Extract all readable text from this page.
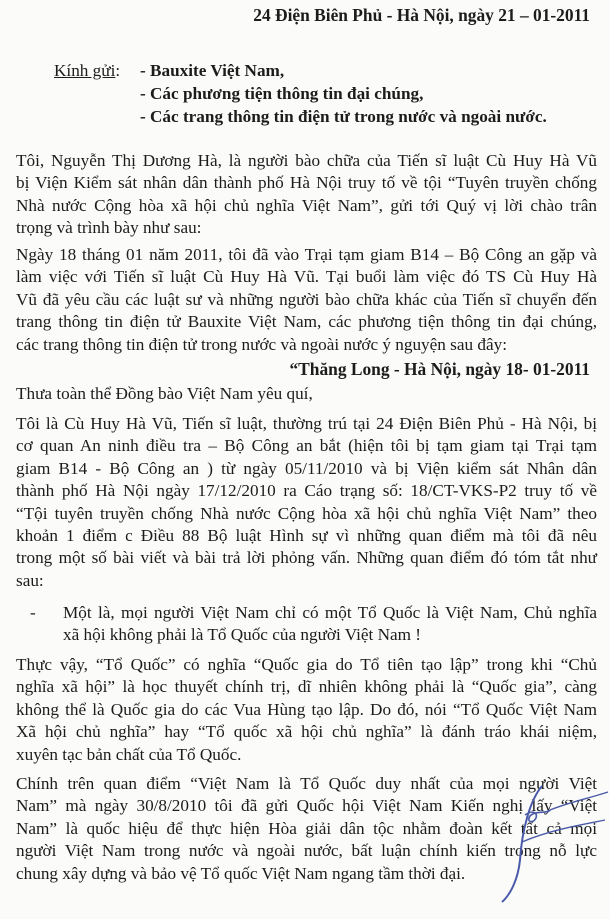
24 Điện Biên Phủ - Hà Nội, ngày 21 – 01-2011
Kính gửi: - Bauxite Việt Nam,
- Các phương tiện thông tin đại chúng,
- Các trang thông tin điện tử trong nước và ngoài nước.
Tôi, Nguyễn Thị Dương Hà, là người bào chữa của Tiến sĩ luật Cù Huy Hà Vũ
bị Viện Kiểm sát nhân dân thành phố Hà Nội truy tố về tội “Tuyên truyền chống
Nhà nước Cộng hòa xã hội chủ nghĩa Việt Nam”, gửi tới Quý vị lời chào trân
trọng và trình bày như sau:
Ngày 18 tháng 01 năm 2011, tôi đã vào Trại tạm giam B14 – Bộ Công an gặp và
làm việc với Tiến sĩ luật Cù Huy Hà Vũ. Tại buổi làm việc đó TS Cù Huy Hà
Vũ đã yêu cầu các luật sư và những người bào chữa khác của Tiến sĩ chuyển đến
trang thông tin điện tử Bauxite Việt Nam, các phương tiện thông tin đại chúng,
các trang thông tin điện tử trong nước và ngoài nước ý nguyện sau đây:
“Thăng Long - Hà Nội, ngày 18- 01-2011
Thưa toàn thể Đồng bào Việt Nam yêu quí,
Tôi là Cù Huy Hà Vũ, Tiến sĩ luật, thường trú tại 24 Điện Biên Phủ - Hà Nội, bị
cơ quan An ninh điều tra – Bộ Công an bắt (hiện tôi bị tạm giam tại Trại tạm
giam B14 - Bộ Công an ) từ ngày 05/11/2010 và bị Viện kiểm sát Nhân dân
thành phố Hà Nội ngày 17/12/2010 ra Cáo trạng số: 18/CT-VKS-P2 truy tố về
“Tội tuyên truyền chống Nhà nước Cộng hòa xã hội chủ nghĩa Việt Nam” theo
khoản 1 điểm c Điều 88 Bộ luật Hình sự vì những quan điểm mà tôi đã nêu
trong một số bài viết và bài trả lời phỏng vấn. Những quan điểm đó tóm tắt như
sau:
- Một là, mọi người Việt Nam chỉ có một Tổ Quốc là Việt Nam, Chủ nghĩa
xã hội không phải là Tổ Quốc của người Việt Nam !
Thực vậy, “Tổ Quốc” có nghĩa “Quốc gia do Tổ tiên tạo lập” trong khi “Chủ
nghĩa xã hội” là học thuyết chính trị, dĩ nhiên không phải là “Quốc gia”, càng
không thể là Quốc gia do các Vua Hùng tạo lập. Do đó, nói “Tổ Quốc Việt Nam
Xã hội chủ nghĩa” hay “Tổ quốc xã hội chủ nghĩa” là đánh tráo khái niệm,
xuyên tạc bản chất của Tổ Quốc.
Chính trên quan điểm “Việt Nam là Tổ Quốc duy nhất của mọi người Việt
Nam” mà ngày 30/8/2010 tôi đã gửi Quốc hội Việt Nam Kiến nghị lấy “Việt
Nam” là quốc hiệu để thực hiện Hòa giải dân tộc nhằm đoàn kết tất cả mọi
người Việt Nam trong nước và ngoài nước, bất luận chính kiến trong nỗ lực
chung xây dựng và bảo vệ Tổ quốc Việt Nam ngang tầm thời đại.
